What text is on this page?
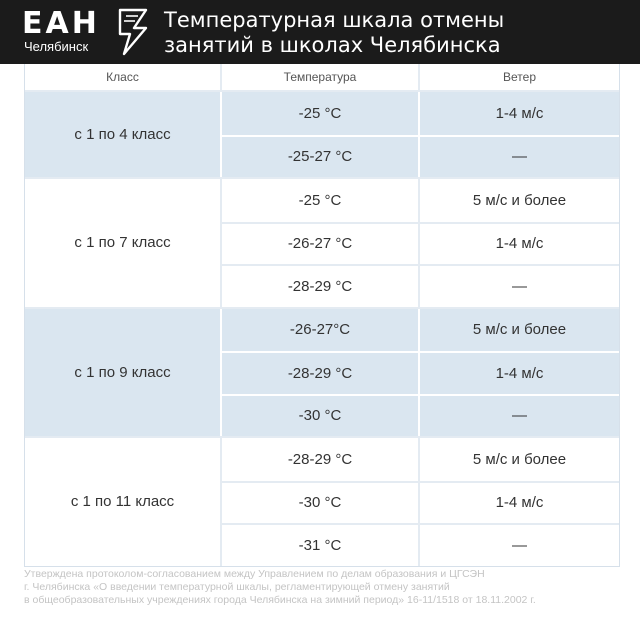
ЕАН
Челябинск
Температурная шкала отмены
занятий в школах Челябинска
Класс	Температура	Ветер
с 1 по 4 класс
-25 °C	1-4 м/с
-25-27 °C	—
с 1 по 7 класс
-25 °C	5 м/с и более
-26-27 °C	1-4 м/с
-28-29 °C	—
с 1 по 9 класс
-26-27°C	5 м/с и более
-28-29 °C	1-4 м/с
-30 °C	—
с 1 по 11 класс
-28-29 °C	5 м/с и более
-30 °C	1-4 м/с
-31 °C	—
Утверждена протоколом-согласованием между Управлением по делам образования и ЦГСЭН
г. Челябинска «О введении температурной шкалы, регламентирующей отмену занятий
в общеобразовательных учреждениях города Челябинска на зимний период» 16-11/1518 от 18.11.2002 г.
